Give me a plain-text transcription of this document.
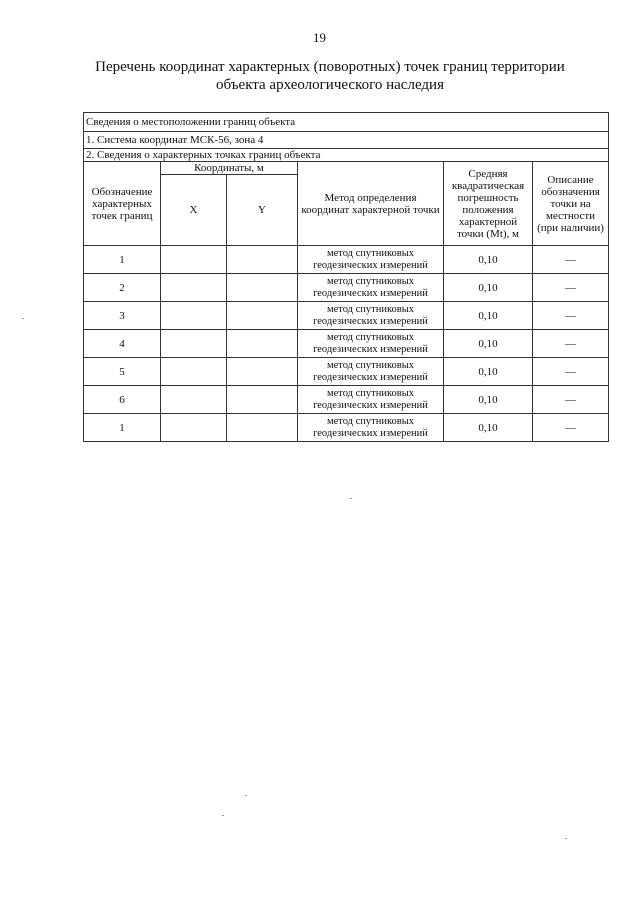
19
Перечень координат характерных (поворотных) точек границ территории
объекта археологического наследия
Сведения о местоположении границ объекта					
1. Система координат МСК-56, зона 4					
2. Сведения о характерных точках границ объекта					
Обозначение характерных точек границ	Координаты, м		Метод определения координат характерной точки	Средняя квадратическая погрешность положения характерной точки (Mt), м	Описание обозначения точки на местности (при наличии)
	X	Y			
1			метод спутниковых геодезических измерений	0,10	—
2			метод спутниковых геодезических измерений	0,10	—
3			метод спутниковых геодезических измерений	0,10	—
4			метод спутниковых геодезических измерений	0,10	—
5			метод спутниковых геодезических измерений	0,10	—
6			метод спутниковых геодезических измерений	0,10	—
1			метод спутниковых геодезических измерений	0,10	—
